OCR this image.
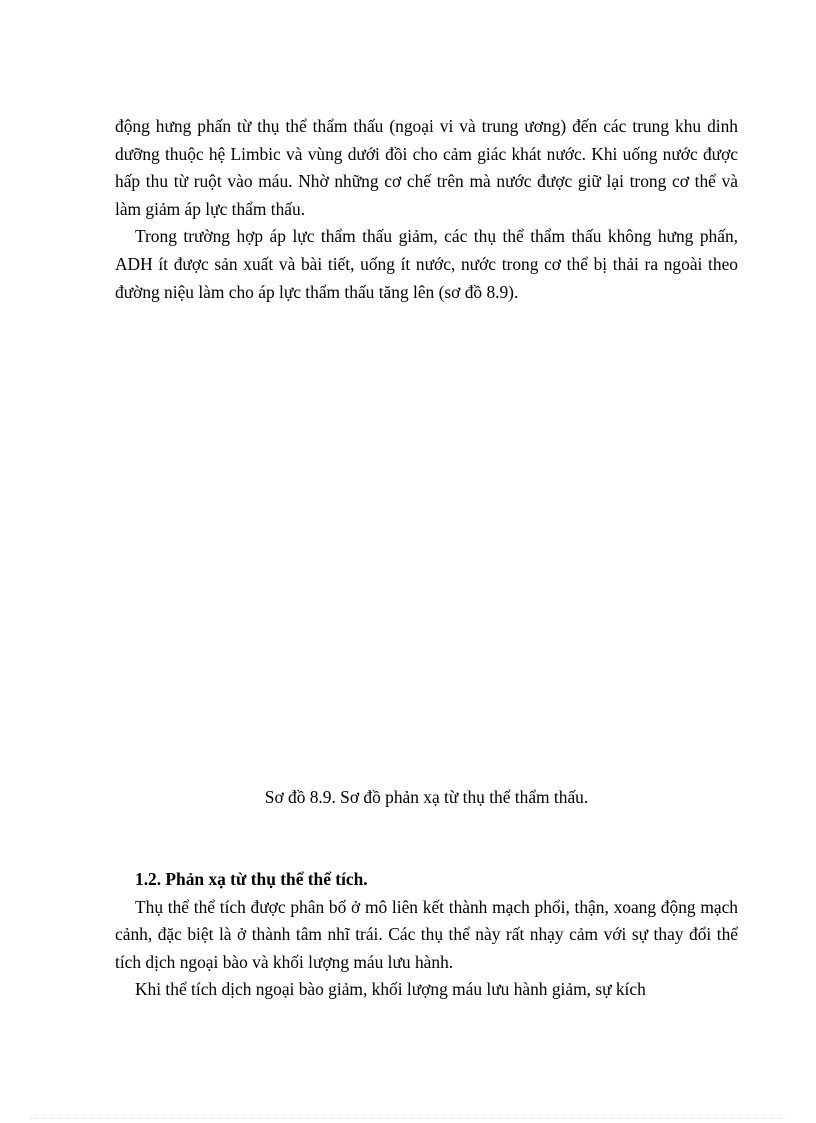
động hưng phấn từ thụ thể thẩm thấu (ngoại vi và trung ương) đến các trung khu dinh dưỡng thuộc hệ Limbic và vùng dưới đồi cho cảm giác khát nước. Khi uống nước được hấp thu từ ruột vào máu. Nhờ những cơ chế trên mà nước được giữ lại trong cơ thể và làm giảm áp lực thẩm thấu.

Trong trường hợp áp lực thẩm thấu giảm, các thụ thể thẩm thấu không hưng phấn, ADH ít được sản xuất và bài tiết, uống ít nước, nước trong cơ thể bị thải ra ngoài theo đường niệu làm cho áp lực thẩm thấu tăng lên (sơ đồ 8.9).

Sơ đồ 8.9. Sơ đồ phản xạ từ thụ thể thẩm thấu.

1.2. Phản xạ từ thụ thể thể tích.

Thụ thể thể tích được phân bố ở mô liên kết thành mạch phổi, thận, xoang động mạch cảnh, đặc biệt là ở thành tâm nhĩ trái. Các thụ thể này rất nhạy cảm với sự thay đổi thể tích dịch ngoại bào và khối lượng máu lưu hành.

Khi thể tích dịch ngoại bào giảm, khối lượng máu lưu hành giảm, sự kích
